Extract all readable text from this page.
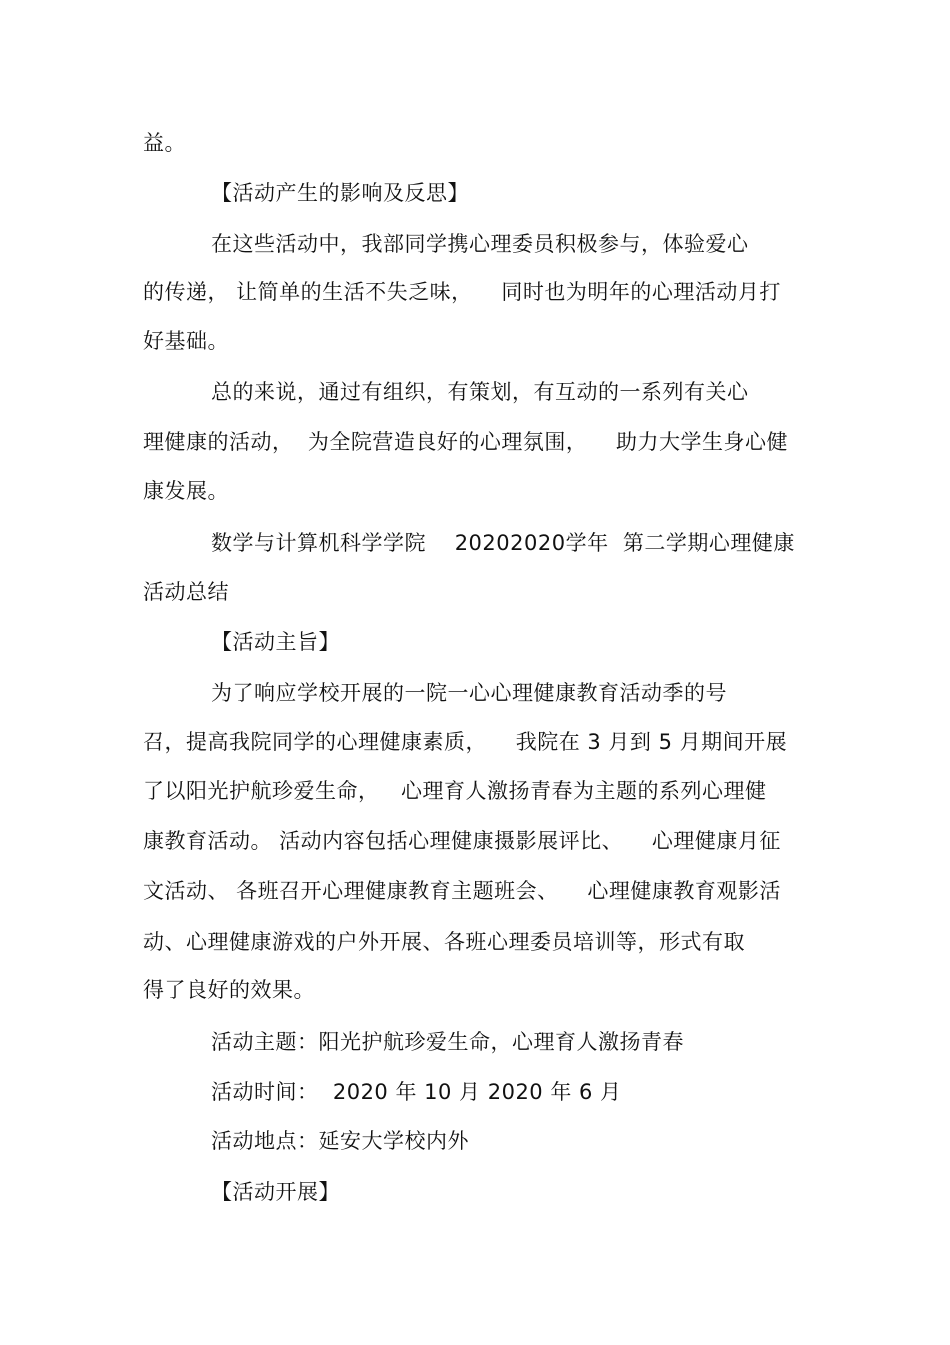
益。
【活动产生的影响及反思】
在这些活动中，我部同学携心理委员积极参与，体验爱心
的传递， 让简单的生活不失乏味，    同时也为明年的心理活动月打
好基础。
总的来说，通过有组织，有策划，有互动的一系列有关心
理健康的活动，  为全院营造良好的心理氛围，    助力大学生身心健
康发展。
数学与计算机科学学院    20202020学年  第二学期心理健康
活动总结
【活动主旨】
为了响应学校开展的一院一心心理健康教育活动季的号
召，提高我院同学的心理健康素质，    我院在 3 月到 5 月期间开展
了以阳光护航珍爱生命，   心理育人激扬青春为主题的系列心理健
康教育活动。 活动内容包括心理健康摄影展评比、    心理健康月征
文活动、 各班召开心理健康教育主题班会、    心理健康教育观影活
动、心理健康游戏的户外开展、各班心理委员培训等，形式有取
得了良好的效果。
活动主题：阳光护航珍爱生命，心理育人激扬青春
活动时间：  2020 年 10 月 2020 年 6 月
活动地点：延安大学校内外
【活动开展】
